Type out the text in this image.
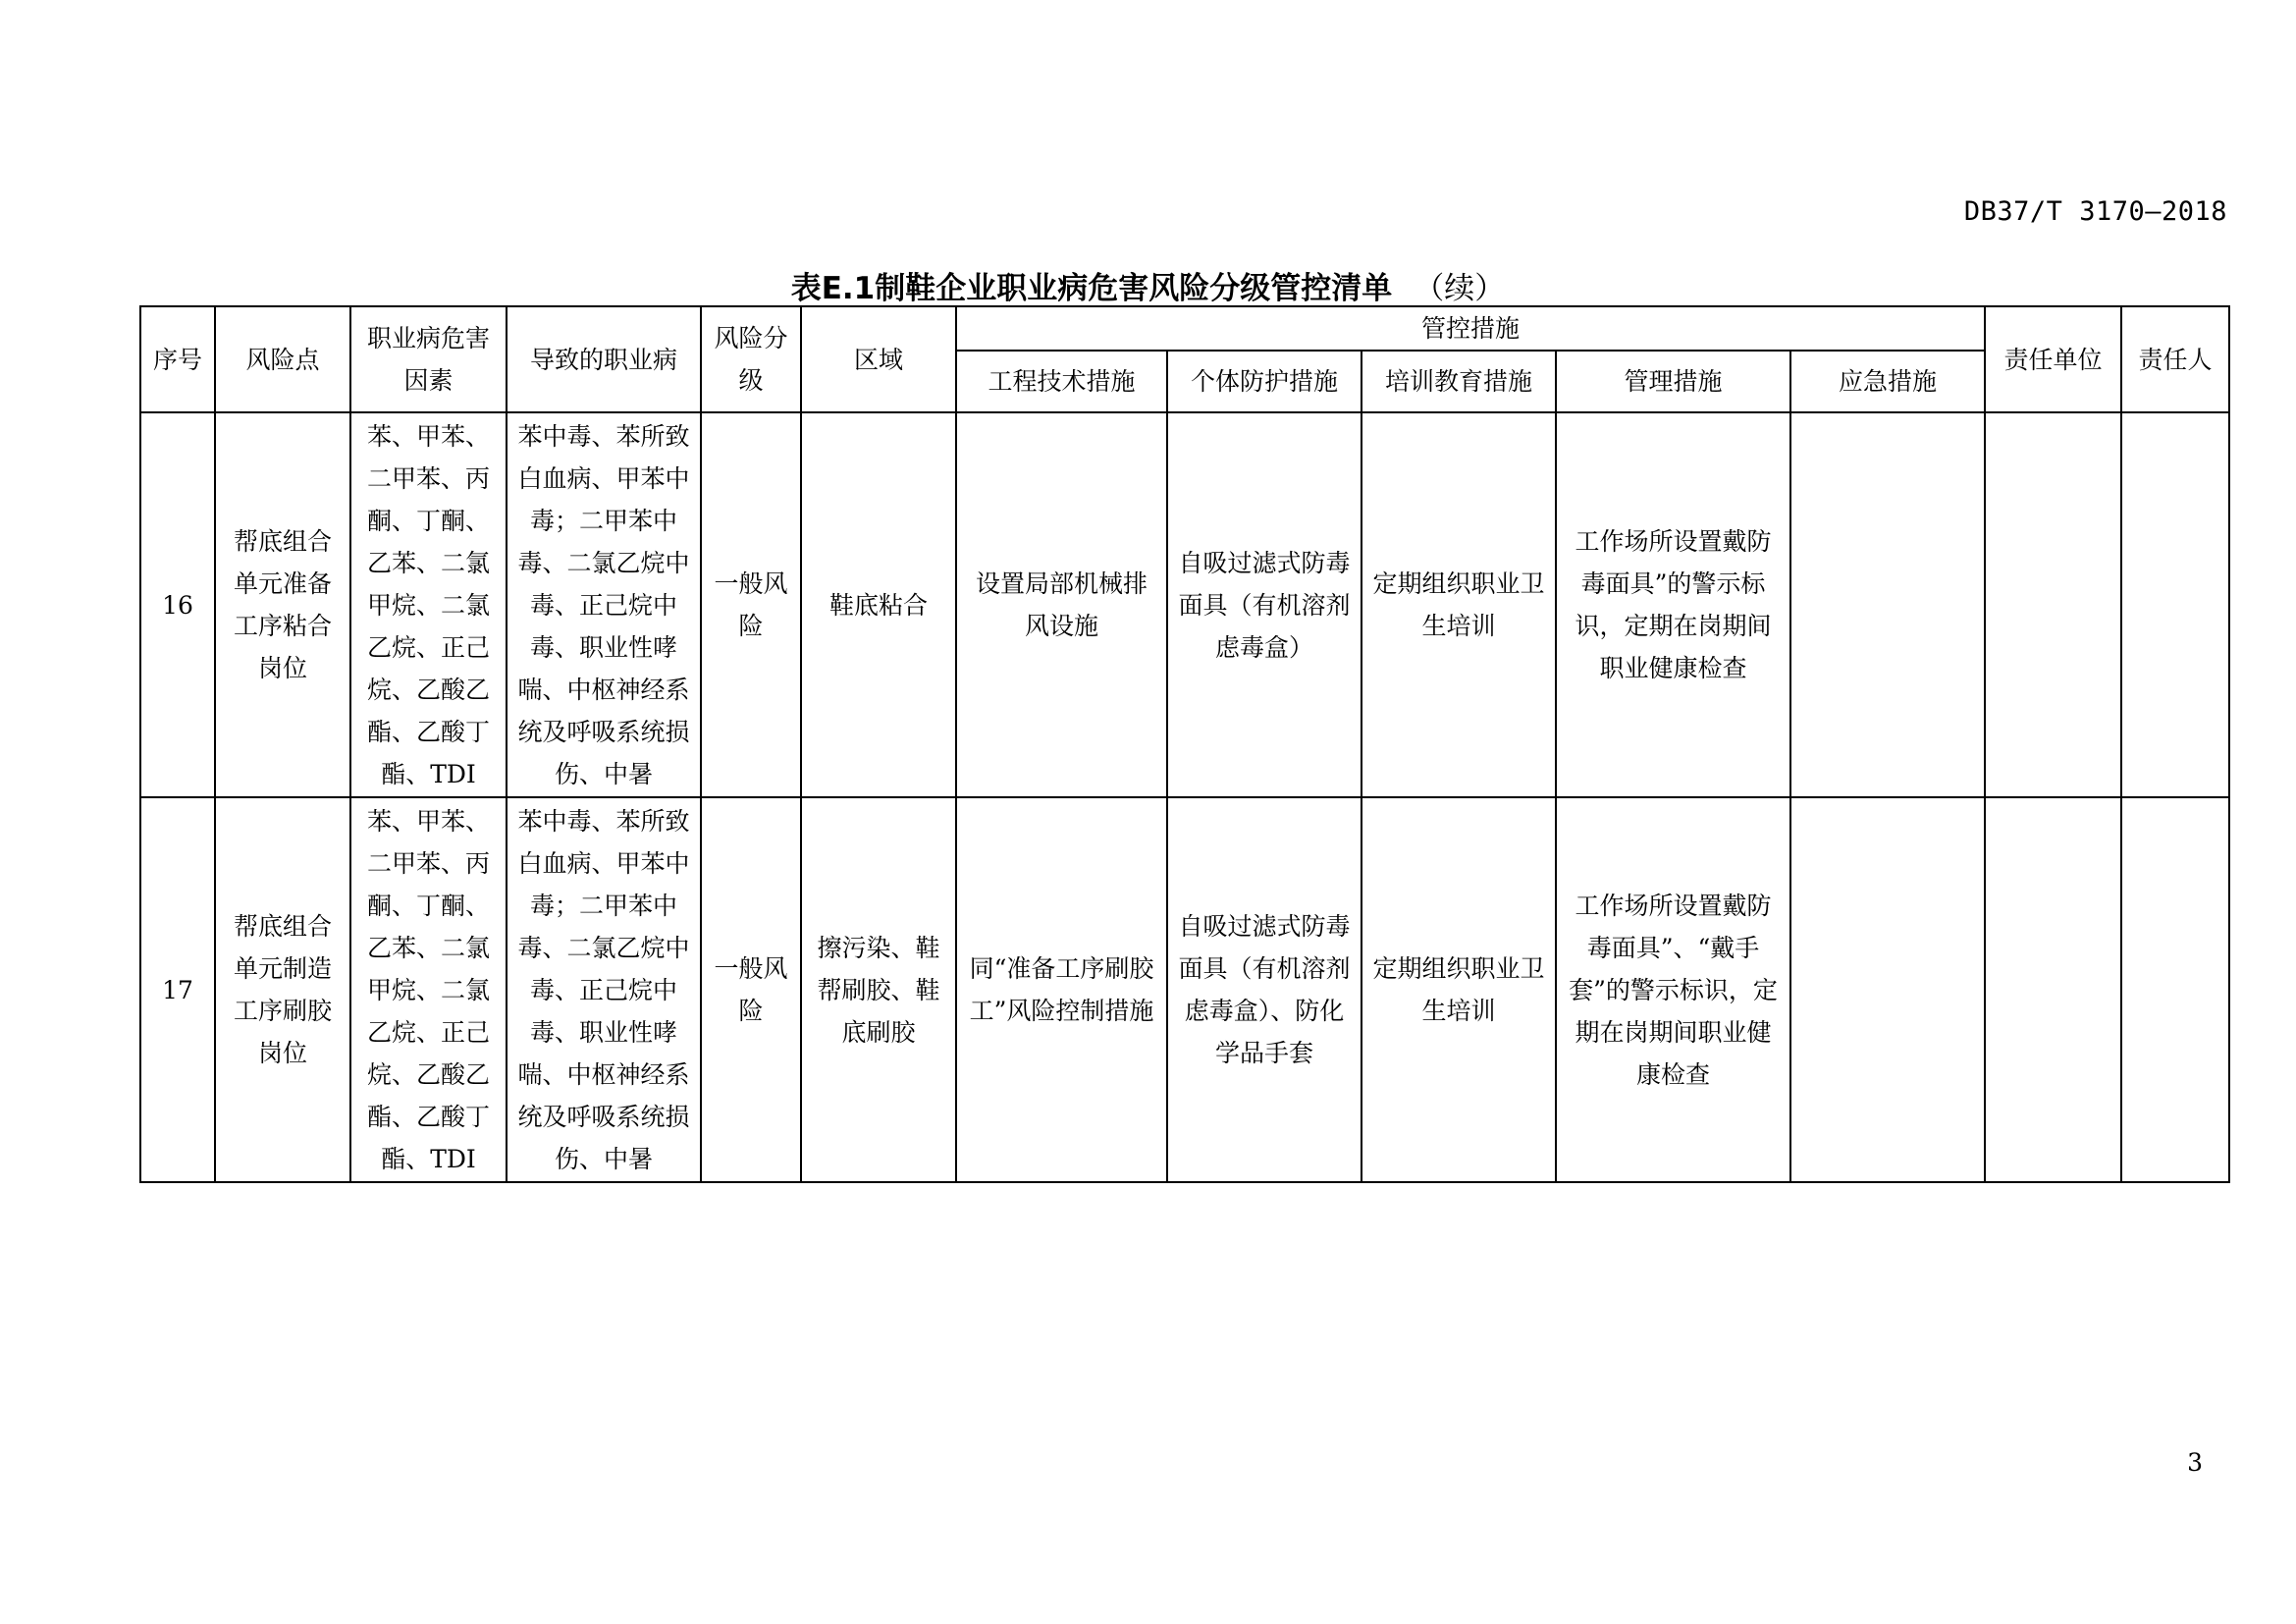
DB37/T 3170—2018
表E.1制鞋企业职业病危害风险分级管控清单 （续）
序号	风险点	职业病危害因素	导致的职业病	风险分级	区域	管控措施					责任单位	责任人
						工程技术措施	个体防护措施	培训教育措施	管理措施	应急措施		
16	帮底组合单元准备工序粘合岗位	苯、甲苯、二甲苯、丙酮、丁酮、乙苯、二氯甲烷、二氯乙烷、正己烷、乙酸乙酯、乙酸丁酯、TDI	苯中毒、苯所致白血病、甲苯中毒；二甲苯中毒、二氯乙烷中毒、正己烷中毒、职业性哮喘、中枢神经系统及呼吸系统损伤、中暑	一般风险	鞋底粘合	设置局部机械排风设施	自吸过滤式防毒面具（有机溶剂虑毒盒）	定期组织职业卫生培训	工作场所设置戴防毒面具”的警示标识，定期在岗期间职业健康检查			
17	帮底组合单元制造工序刷胶岗位	苯、甲苯、二甲苯、丙酮、丁酮、乙苯、二氯甲烷、二氯乙烷、正己烷、乙酸乙酯、乙酸丁酯、TDI	苯中毒、苯所致白血病、甲苯中毒；二甲苯中毒、二氯乙烷中毒、正己烷中毒、职业性哮喘、中枢神经系统及呼吸系统损伤、中暑	一般风险	擦污染、鞋帮刷胶、鞋底刷胶	同“准备工序刷胶工”风险控制措施	自吸过滤式防毒面具（有机溶剂虑毒盒）、防化学品手套	定期组织职业卫生培训	工作场所设置戴防毒面具”、“戴手套”的警示标识，定期在岗期间职业健康检查			
3
